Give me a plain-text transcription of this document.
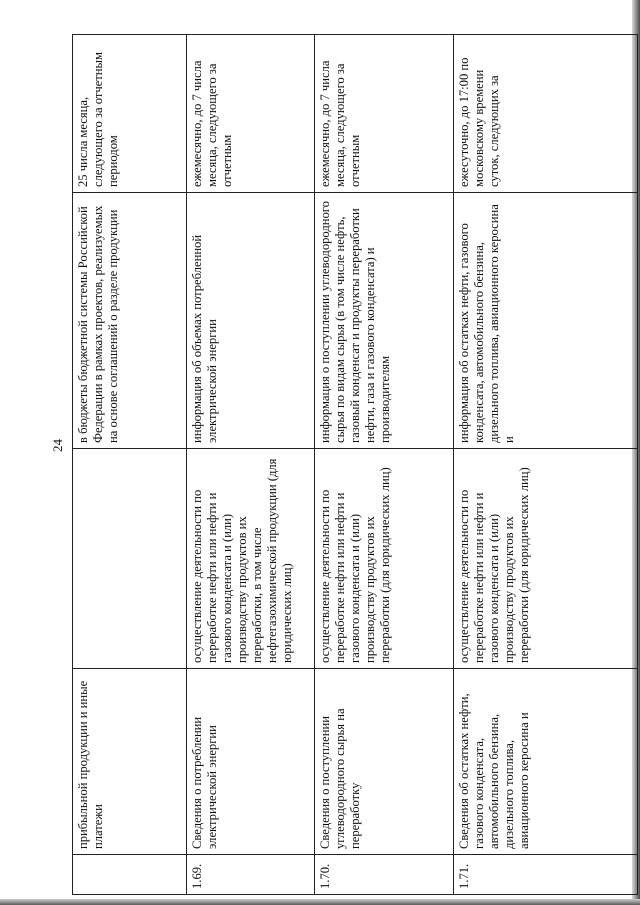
24
	прибыльной продукции и иные платежи		в бюджеты бюджетной системы Российской Федерации в рамках проектов, реализуемых на основе соглашений о разделе продукции	25 числа месяца, следующего за отчетным периодом
1.69.	Сведения о потреблении электрической энергии	осуществление деятельности по переработке нефти или нефти и газового конденсата и (или) производству продуктов их переработки, в том числе нефтегазохимической продукции (для юридических лиц)	информация об объемах потребленной электрической энергии	ежемесячно, до 7 числа месяца, следующего за отчетным
1.70.	Сведения о поступлении углеводородного сырья на переработку	осуществление деятельности по переработке нефти или нефти и газового конденсата и (или) производству продуктов их переработки (для юридических лиц)	информация о поступлении углеводородного сырья по видам сырья (в том числе нефть, газовый конденсат и продукты переработки нефти, газа и газового конденсата) и производителям	ежемесячно, до 7 числа месяца, следующего за отчетным
1.71.	Сведения об остатках нефти, газового конденсата, автомобильного бензина, дизельного топлива, авиационного керосина и	осуществление деятельности по переработке нефти или нефти и газового конденсата и (или) производству продуктов их переработки (для юридических лиц)	информация об остатках нефти, газового конденсата, автомобильного бензина, дизельного топлива, авиационного керосина и	ежесуточно, до 17:00 по московскому времени суток, следующих за
